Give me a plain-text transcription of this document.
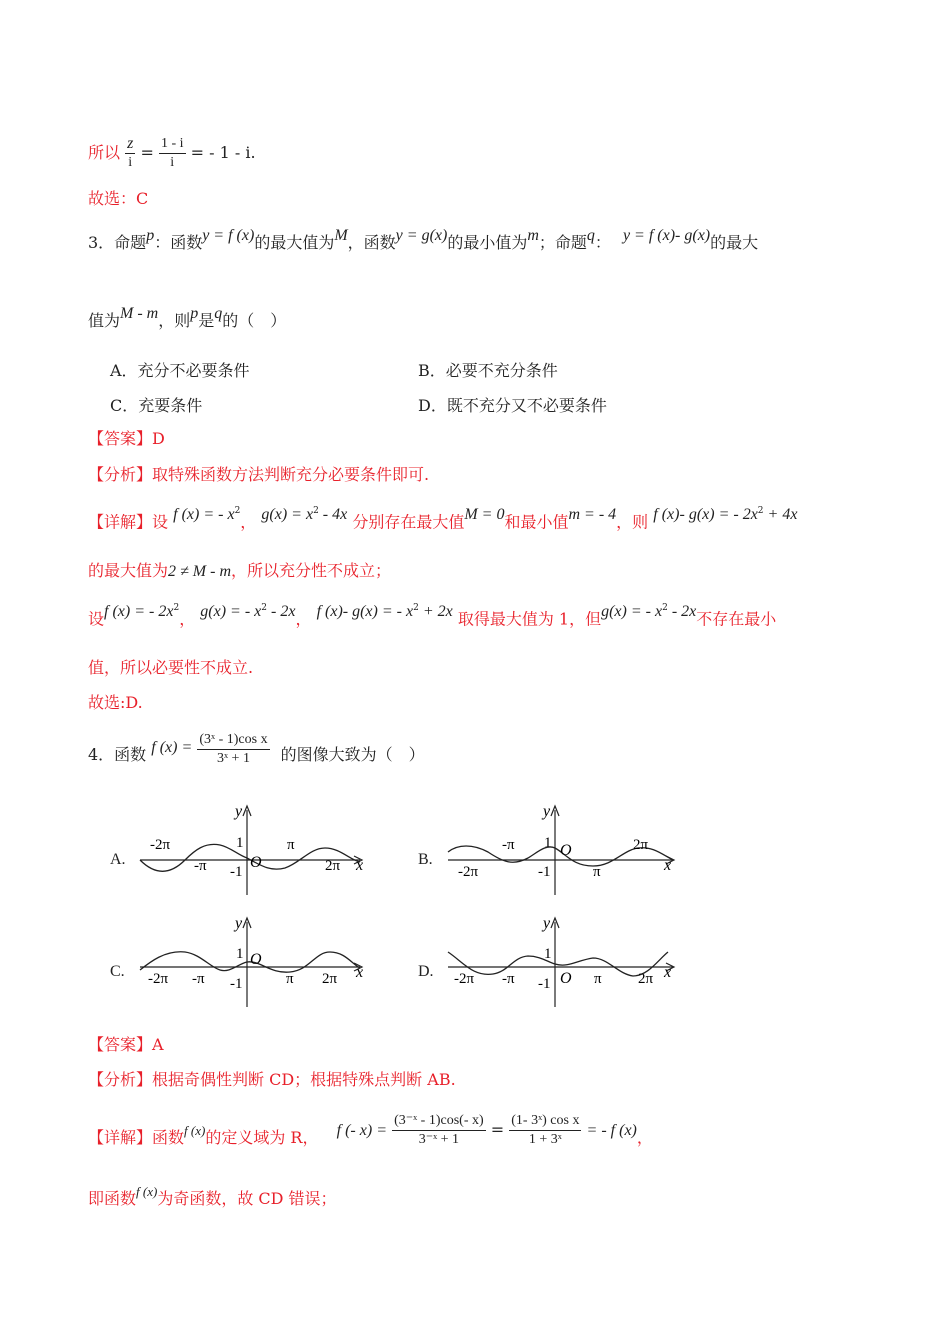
所以 $\frac{z}{i} = \frac{1 - i}{i}$ = - 1 - i.
故选：C
3．命题p：函数y = f (x)的最大值为M，函数y = g(x)的最小值为m；命题q： y = f (x)- g(x)的最大
值为M - m，则p是q的（　）
A．充分不必要条件	B．必要不充分条件
C．充要条件	D．既不充分又不必要条件
【答案】D
【分析】取特殊函数方法判断充分必要条件即可.
【详解】设 f (x) = - $x^2$， $g(x) = x^2 - 4x$ 分别存在最大值M = 0和最小值m = - 4，则 f (x)- g(x) = - $2x^2 + 4x$
的最大值为2 ≠ M - m，所以充分性不成立；
设f (x) = - $2x^2$， g(x) = - $x^2 - 2x$， f (x)- g(x) = - $x^2 + 2x$ 取得最大值为 1，但g(x) = - $x^2 - 2x$不存在最小
值，所以必要性不成立.
故选:D.
4．函数 f $(x) = \frac{\text{(3ˣ - 1)cos x}}{\text{3ˣ + 1}}$ 的图像大致为（　）
A.
-2π
-π
π
2π
1
-1
O
y
x	B.
-2π
-π
π
2π
1
-1
O
y
x
C. -2π -π	π 2π
1
-1
O
y
x	D. -2π -π	π 2π
1
-1 O
y
x
【答案】A
【分析】根据奇偶性判断 CD；根据特殊点判断 AB.
【详解】函数$^{f (x)}$的定义域为 R， f (- $x) = \frac{\text{(3⁻ˣ - 1)cos(- x)}}{\text{3⁻ˣ + 1}} = \frac{\text{(1- 3ˣ) cos x}}{\text{1 + 3ˣ}}$ = - f (x)，
即函数$^{f (x)}$为奇函数，故 CD 错误；
